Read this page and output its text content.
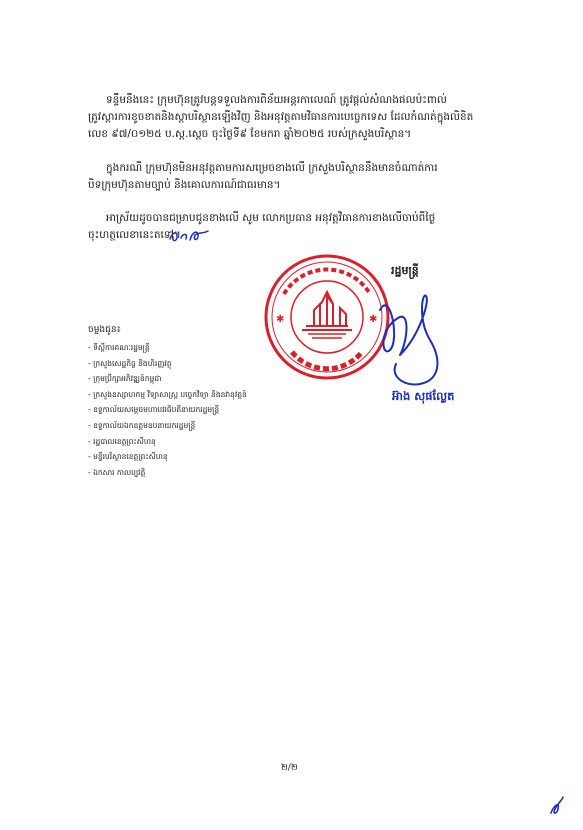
ទន្ទឹមនឹងនេះ ក្រុមហ៊ុនត្រូវបន្តទទួលងការពិន័យអន្តរកាលេណ៍ ត្រូវផ្តល់សំណងផលប៉ះពាល់
ត្រូវស្តារការខូចខាតនិងស្តាបរិស្ថានឡើងវិញ និងអនុវត្តតាមវិធានការបេច្ចេកទេស ដែលកំណត់ក្នុងលិខិត
លេខ ៩៧/០១២៥ ប.ស្ត.ស្តេច ចុះថ្ងៃទី៩ ខែមករា ឆ្នាំ២០២៥ របស់ក្រសួងបរិស្ថាន។
ក្នុងករណី ក្រុមហ៊ុនមិនអនុវត្តតាមការសម្រេចខាងលើ ក្រសួងបរិស្ថាននឹងមានចំណាត់ការ
បិទក្រុមហ៊ុនតាមច្បាប់ និងគោលការណ៍ជាធរមាន។
អាស្រ័យដូចបានជម្រាបជូនខាងលើ សូម លោកប្រធាន អនុវត្តវិធានការខាងលើចាប់ពីថ្ងៃ
ចុះហត្ថលេខានេះតទៅ។
រដ្ឋមន្ត្រី
✱	✱
អ៊ាង សុផល្លែត
ចម្លងជូន៖
- ទីស្តីការគណៈរដ្ឋមន្ត្រី
- ក្រសួងសេដ្ឋកិច្ច និងហិរញ្ញវត្ថុ
- ក្រុមប្រឹក្សាអភិវឌ្ឍន៍កម្ពុជា
- ក្រសួងឧស្សាហកម្ម វិទ្យាសាស្ត្រ បច្ចេកវិទ្យា និងនវានុវត្តន៍
- ឧទ្ទកាល័យសម្តេចមហាបវរធិបតីនាយករដ្ឋមន្ត្រី
- ឧទ្ទកាល័យឯកឧត្តមឧបនាយករដ្ឋមន្ត្រី
- រដ្ឋបាលខេត្តព្រះសីហនុ
- មន្ទីរបរិស្ថានខេត្តព្រះសីហនុ
- ឯកសារ កាលប្បវត្តិ
២/២
